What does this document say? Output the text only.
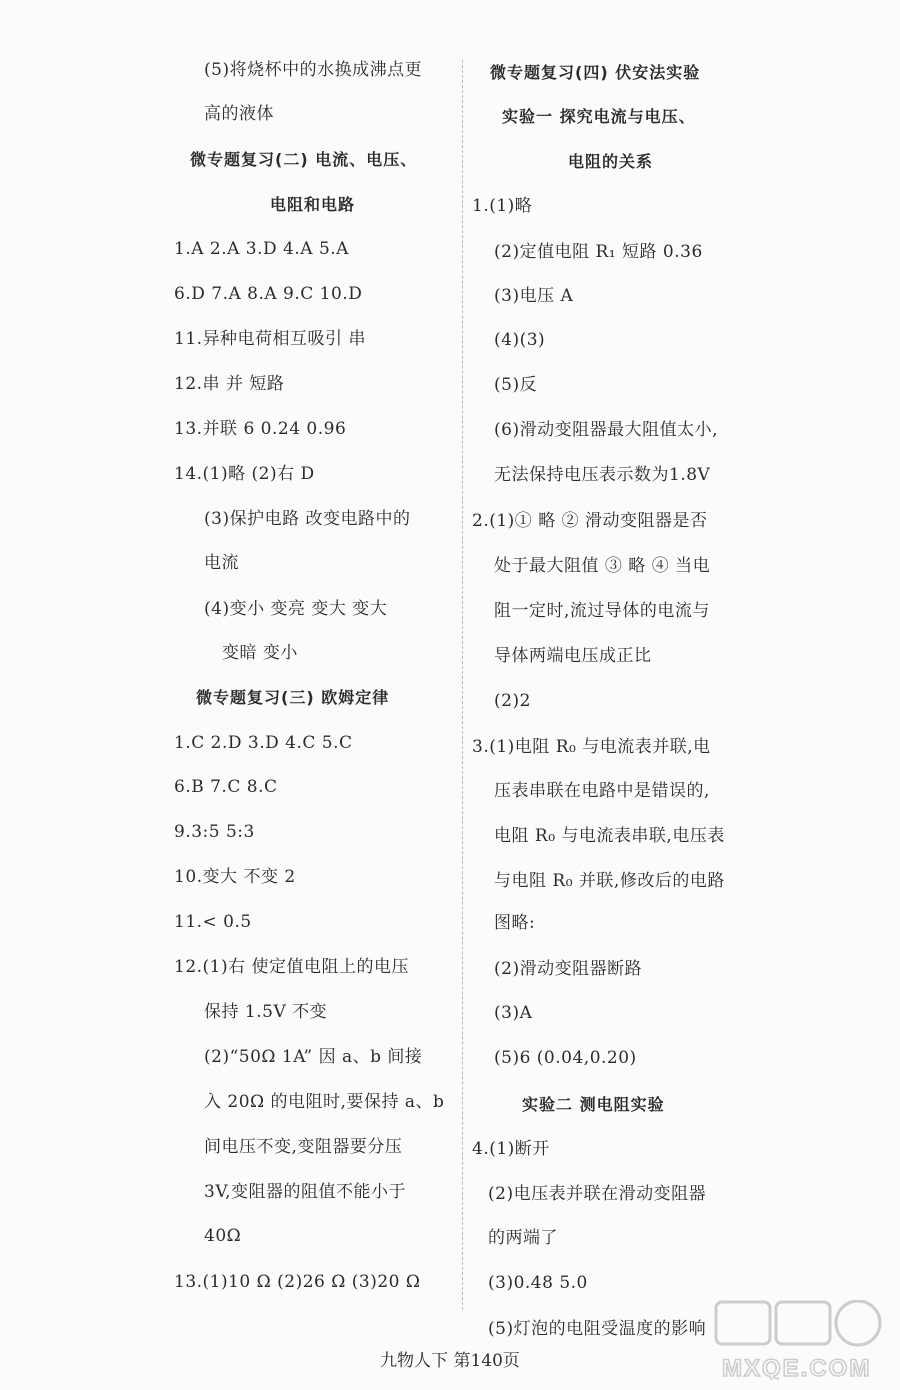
(5)将烧杯中的水换成沸点更
高的液体
微专题复习(二) 电流、电压、
电阻和电路
1.A 2.A 3.D 4.A 5.A
6.D 7.A 8.A 9.C 10.D
11.异种电荷相互吸引 串
12.串 并 短路
13.并联 6 0.24 0.96
14.(1)略 (2)右 D
(3)保护电路 改变电路中的
电流
(4)变小 变亮 变大 变大
变暗 变小
微专题复习(三) 欧姆定律
1.C 2.D 3.D 4.C 5.C
6.B 7.C 8.C
9.3:5 5:3
10.变大 不变 2
11.< 0.5
12.(1)右 使定值电阻上的电压
保持 1.5V 不变
(2)“50Ω 1A” 因 a、b 间接
入 20Ω 的电阻时,要保持 a、b
间电压不变,变阻器要分压
3V,变阻器的阻值不能小于
40Ω
13.(1)10 Ω (2)26 Ω (3)20 Ω
微专题复习(四) 伏安法实验
实验一 探究电流与电压、
电阻的关系
1.(1)略
(2)定值电阻 R₁ 短路 0.36
(3)电压 A
(4)(3)
(5)反
(6)滑动变阻器最大阻值太小,
无法保持电压表示数为1.8V
2.(1)① 略 ② 滑动变阻器是否
处于最大阻值 ③ 略 ④ 当电
阻一定时,流过导体的电流与
导体两端电压成正比
(2)2
3.(1)电阻 R₀ 与电流表并联,电
压表串联在电路中是错误的,
电阻 R₀ 与电流表串联,电压表
与电阻 R₀ 并联,修改后的电路
图略:
(2)滑动变阻器断路
(3)A
(5)6 (0.04,0.20)
实验二 测电阻实验
4.(1)断开
(2)电压表并联在滑动变阻器
的两端了
(3)0.48 5.0
(5)灯泡的电阻受温度的影响
MXQE.COM
九物人下 第140页
